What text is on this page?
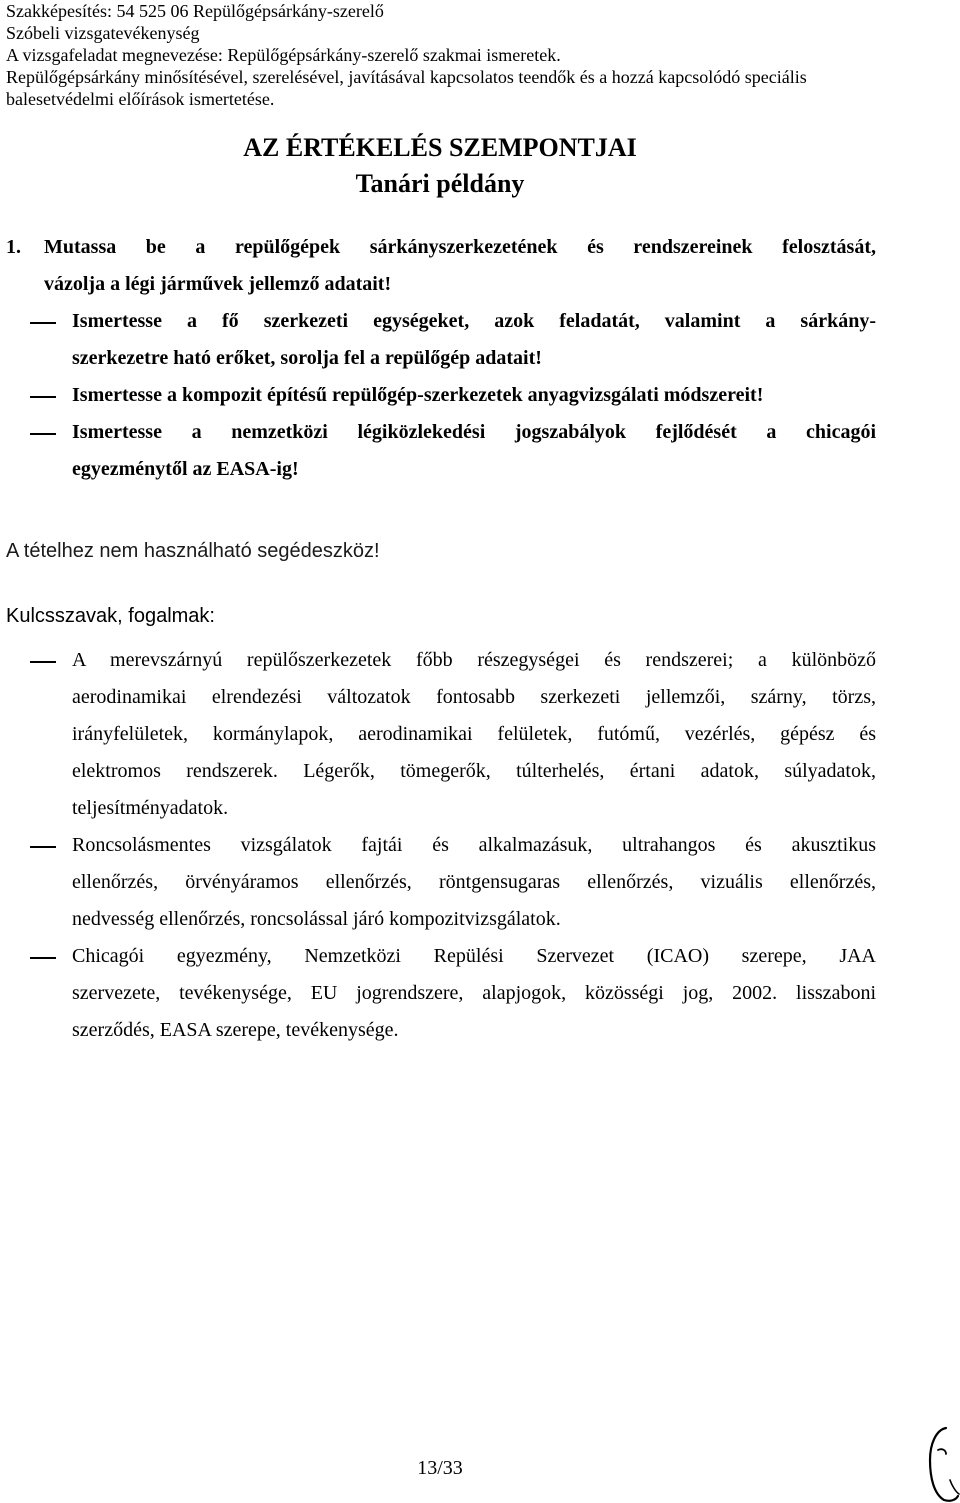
Szakképesítés: 54 525 06 Repülőgépsárkány-szerelő
Szóbeli vizsgatevékenység
A vizsgafeladat megnevezése: Repülőgépsárkány-szerelő szakmai ismeretek.
Repülőgépsárkány minősítésével, szerelésével, javításával kapcsolatos teendők és a hozzá kapcsolódó speciális
balesetvédelmi előírások ismertetése.
AZ ÉRTÉKELÉS SZEMPONTJAI
Tanári példány
1.	Mutassa be a repülőgépek sárkányszerkezetének és rendszereinek felosztását,
vázolja a légi járművek jellemző adatait!
Ismertesse a fő szerkezeti egységeket, azok feladatát, valamint a sárkány-
szerkezetre ható erőket, sorolja fel a repülőgép adatait!
Ismertesse a kompozit építésű repülőgép-szerkezetek anyagvizsgálati módszereit!
Ismertesse a nemzetközi légiközlekedési jogszabályok fejlődését a chicagói
egyezménytől az EASA-ig!
A tételhez nem használható segédeszköz!
Kulcsszavak, fogalmak:
A merevszárnyú repülőszerkezetek főbb részegységei és rendszerei; a különböző
aerodinamikai elrendezési változatok fontosabb szerkezeti jellemzői, szárny, törzs,
irányfelületek, kormánylapok, aerodinamikai felületek, futómű, vezérlés, gépész és
elektromos rendszerek. Légerők, tömegerők, túlterhelés, értani adatok, súlyadatok,
teljesítményadatok.
Roncsolásmentes vizsgálatok fajtái és alkalmazásuk, ultrahangos és akusztikus
ellenőrzés, örvényáramos ellenőrzés, röntgensugaras ellenőrzés, vizuális ellenőrzés,
nedvesség ellenőrzés, roncsolással járó kompozitvizsgálatok.
Chicagói egyezmény, Nemzetközi Repülési Szervezet (ICAO) szerepe, JAA
szervezete, tevékenysége, EU jogrendszere, alapjogok, közösségi jog, 2002. lisszaboni
szerződés, EASA szerepe, tevékenysége.
13/33
